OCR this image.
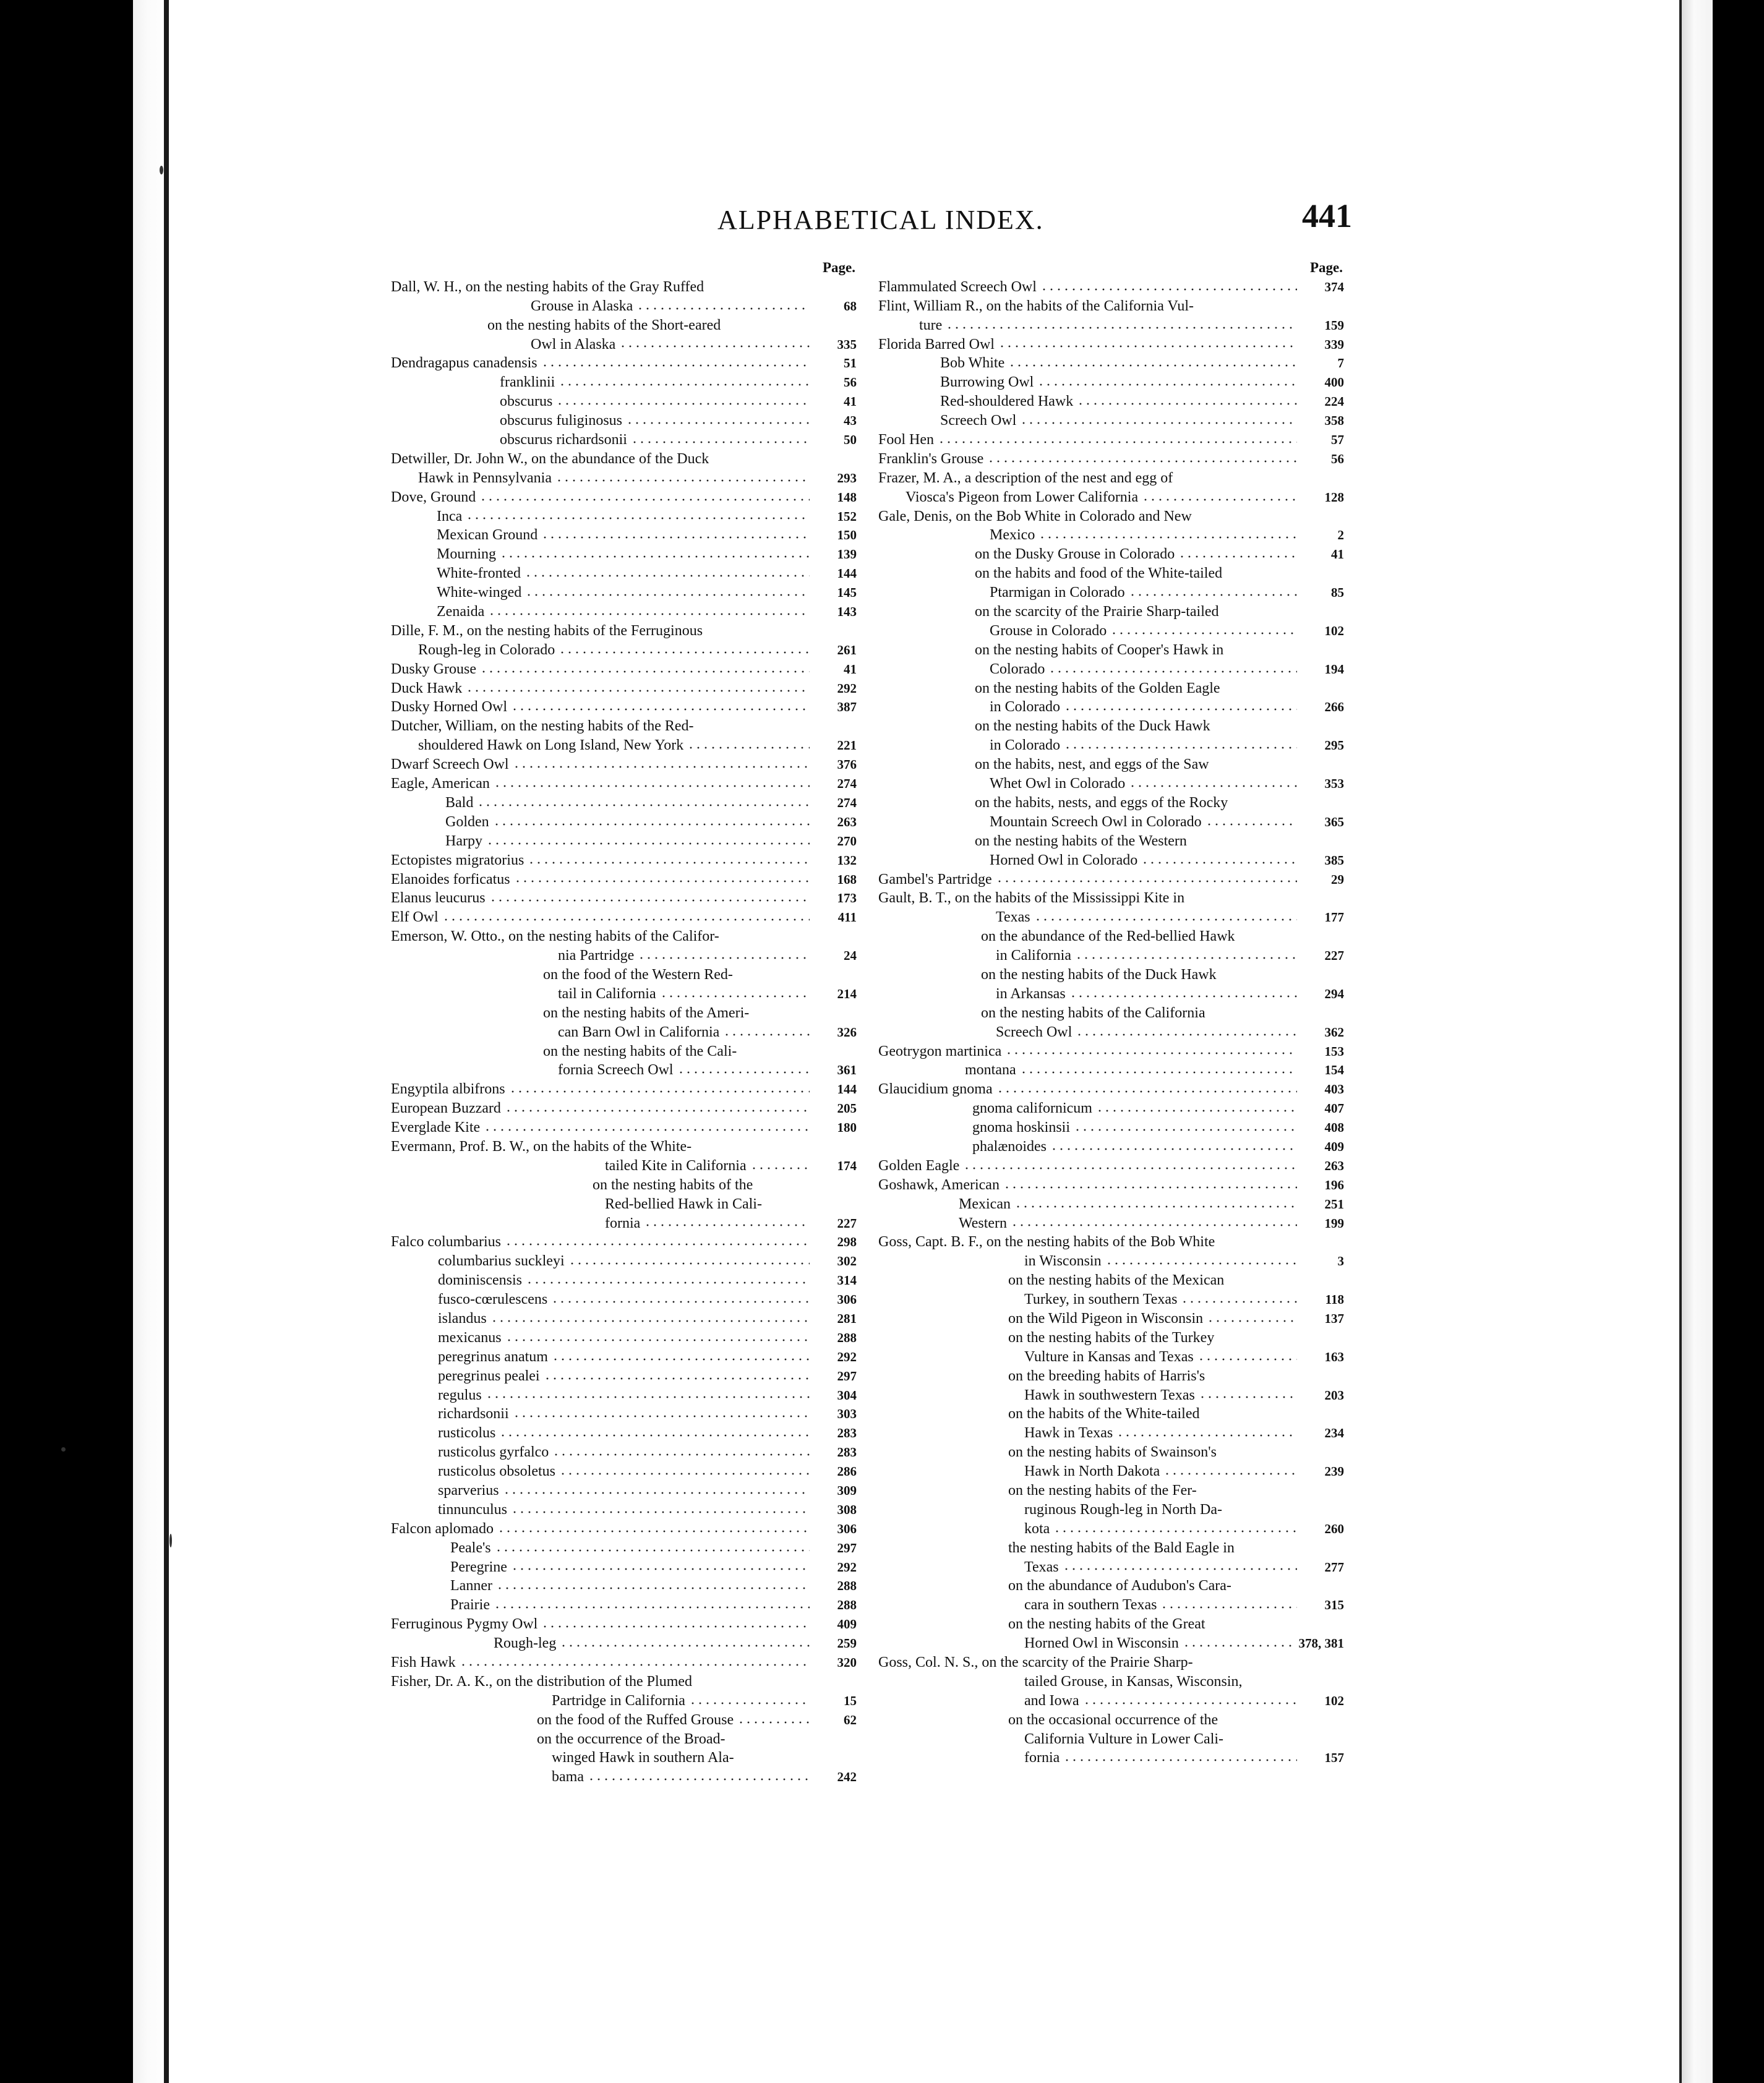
ALPHABETICAL INDEX.	441
Page.
Dall, W. H., on the nesting habits of the Gray Ruffed
Grouse in Alaska	68
on the nesting habits of the Short-eared
Owl in Alaska	335
Dendragapus canadensis	51
franklinii	56
obscurus	41
obscurus fuliginosus	43
obscurus richardsonii	50
Detwiller, Dr. John W., on the abundance of the Duck
Hawk in Pennsylvania	293
Dove, Ground	148
Inca	152
Mexican Ground	150
Mourning	139
White-fronted	144
White-winged	145
Zenaida	143
Dille, F. M., on the nesting habits of the Ferruginous
Rough-leg in Colorado	261
Dusky Grouse	41
Duck Hawk	292
Dusky Horned Owl	387
Dutcher, William, on the nesting habits of the Red-
shouldered Hawk on Long Island, New York	221
Dwarf Screech Owl	376
Eagle, American	274
Bald	274
Golden	263
Harpy	270
Ectopistes migratorius	132
Elanoides forficatus	168
Elanus leucurus	173
Elf Owl	411
Emerson, W. Otto., on the nesting habits of the Califor-
nia Partridge	24
on the food of the Western Red-
tail in California	214
on the nesting habits of the Ameri-
can Barn Owl in California	326
on the nesting habits of the Cali-
fornia Screech Owl	361
Engyptila albifrons	144
European Buzzard	205
Everglade Kite	180
Evermann, Prof. B. W., on the habits of the White-
tailed Kite in California	174
on the nesting habits of the
Red-bellied Hawk in Cali-
fornia	227
Falco columbarius	298
columbarius suckleyi	302
dominiscensis	314
fusco-cœrulescens	306
islandus	281
mexicanus	288
peregrinus anatum	292
peregrinus pealei	297
regulus	304
richardsonii	303
rusticolus	283
rusticolus gyrfalco	283
rusticolus obsoletus	286
sparverius	309
tinnunculus	308
Falcon aplomado	306
Peale's	297
Peregrine	292
Lanner	288
Prairie	288
Ferruginous Pygmy Owl	409
Rough-leg	259
Fish Hawk	320
Fisher, Dr. A. K., on the distribution of the Plumed
Partridge in California	15
on the food of the Ruffed Grouse	62
on the occurrence of the Broad-
winged Hawk in southern Ala-
bama	242
Page.
Flammulated Screech Owl	374
Flint, William R., on the habits of the California Vul-
ture	159
Florida Barred Owl	339
Bob White	7
Burrowing Owl	400
Red-shouldered Hawk	224
Screech Owl	358
Fool Hen	57
Franklin's Grouse	56
Frazer, M. A., a description of the nest and egg of
Viosca's Pigeon from Lower California	128
Gale, Denis, on the Bob White in Colorado and New
Mexico	2
on the Dusky Grouse in Colorado	41
on the habits and food of the White-tailed
Ptarmigan in Colorado	85
on the scarcity of the Prairie Sharp-tailed
Grouse in Colorado	102
on the nesting habits of Cooper's Hawk in
Colorado	194
on the nesting habits of the Golden Eagle
in Colorado	266
on the nesting habits of the Duck Hawk
in Colorado	295
on the habits, nest, and eggs of the Saw
Whet Owl in Colorado	353
on the habits, nests, and eggs of the Rocky
Mountain Screech Owl in Colorado	365
on the nesting habits of the Western
Horned Owl in Colorado	385
Gambel's Partridge	29
Gault, B. T., on the habits of the Mississippi Kite in
Texas	177
on the abundance of the Red-bellied Hawk
in California	227
on the nesting habits of the Duck Hawk
in Arkansas	294
on the nesting habits of the California
Screech Owl	362
Geotrygon martinica	153
montana	154
Glaucidium gnoma	403
gnoma californicum	407
gnoma hoskinsii	408
phalænoides	409
Golden Eagle	263
Goshawk, American	196
Mexican	251
Western	199
Goss, Capt. B. F., on the nesting habits of the Bob White
in Wisconsin	3
on the nesting habits of the Mexican
Turkey, in southern Texas	118
on the Wild Pigeon in Wisconsin	137
on the nesting habits of the Turkey
Vulture in Kansas and Texas	163
on the breeding habits of Harris's
Hawk in southwestern Texas	203
on the habits of the White-tailed
Hawk in Texas	234
on the nesting habits of Swainson's
Hawk in North Dakota	239
on the nesting habits of the Fer-
ruginous Rough-leg in North Da-
kota	260
the nesting habits of the Bald Eagle in
Texas	277
on the abundance of Audubon's Cara-
cara in southern Texas	315
on the nesting habits of the Great
Horned Owl in Wisconsin	378, 381
Goss, Col. N. S., on the scarcity of the Prairie Sharp-
tailed Grouse, in Kansas, Wisconsin,
and Iowa	102
on the occasional occurrence of the
California Vulture in Lower Cali-
fornia	157
